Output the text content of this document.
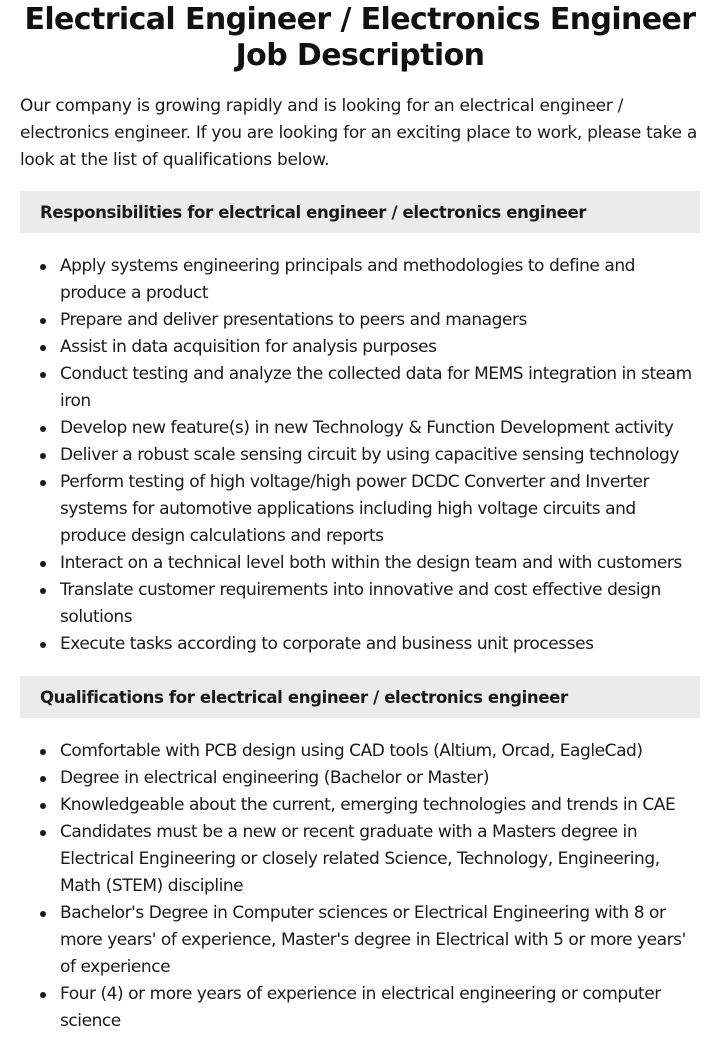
Electrical Engineer / Electronics Engineer Job Description

Our company is growing rapidly and is looking for an electrical engineer / electronics engineer. If you are looking for an exciting place to work, please take a look at the list of qualifications below.

Responsibilities for electrical engineer / electronics engineer
Apply systems engineering principals and methodologies to define and produce a product
Prepare and deliver presentations to peers and managers
Assist in data acquisition for analysis purposes
Conduct testing and analyze the collected data for MEMS integration in steam iron
Develop new feature(s) in new Technology & Function Development activity
Deliver a robust scale sensing circuit by using capacitive sensing technology
Perform testing of high voltage/high power DCDC Converter and Inverter systems for automotive applications including high voltage circuits and produce design calculations and reports
Interact on a technical level both within the design team and with customers
Translate customer requirements into innovative and cost effective design solutions
Execute tasks according to corporate and business unit processes
Qualifications for electrical engineer / electronics engineer
Comfortable with PCB design using CAD tools (Altium, Orcad, EagleCad)
Degree in electrical engineering (Bachelor or Master)
Knowledgeable about the current, emerging technologies and trends in CAE
Candidates must be a new or recent graduate with a Masters degree in Electrical Engineering or closely related Science, Technology, Engineering, Math (STEM) discipline
Bachelor's Degree in Computer sciences or Electrical Engineering with 8 or more years' of experience, Master's degree in Electrical with 5 or more years' of experience
Four (4) or more years of experience in electrical engineering or computer science
